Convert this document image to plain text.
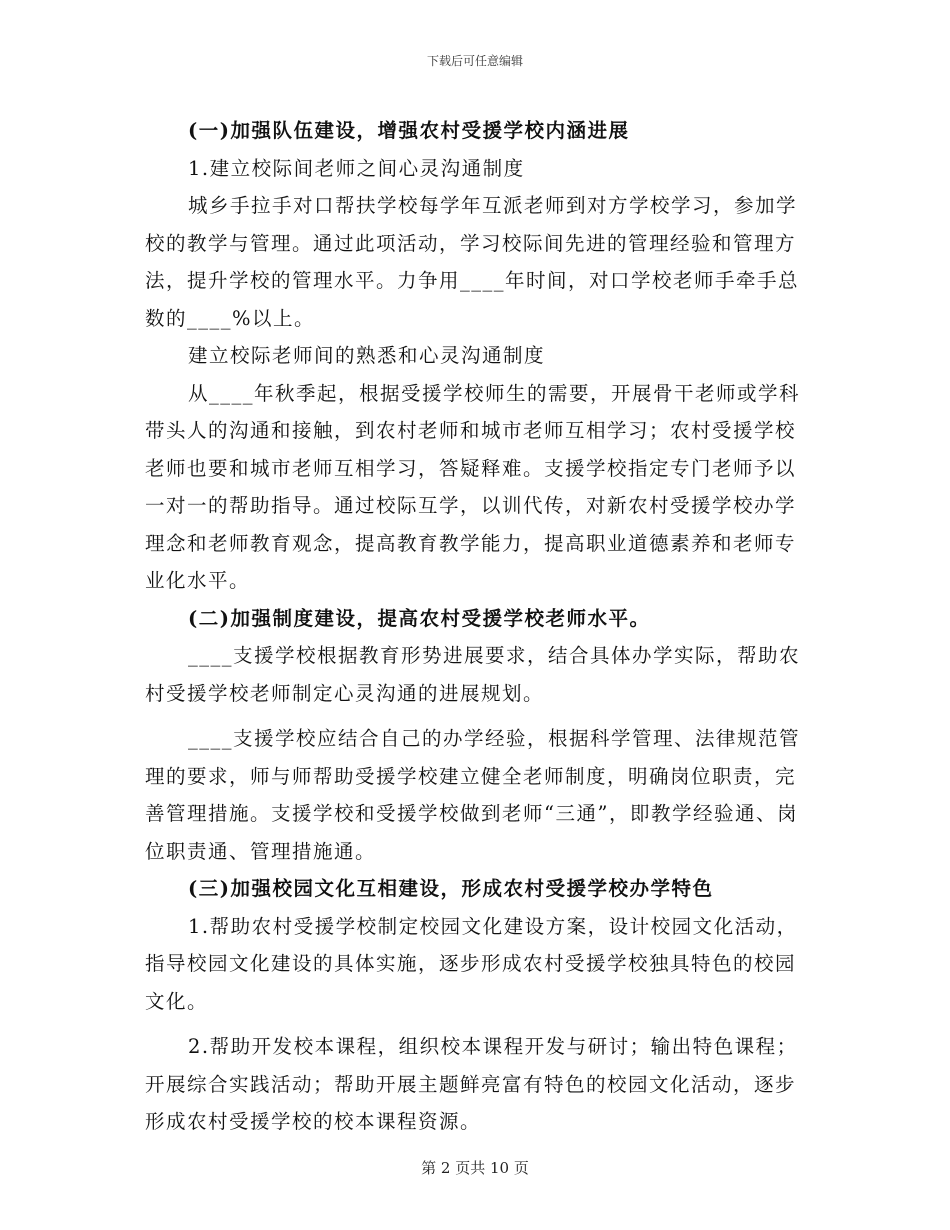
下载后可任意编辑

(一)加强队伍建设，增强农村受援学校内涵进展

1.建立校际间老师之间心灵沟通制度

城乡手拉手对口帮扶学校每学年互派老师到对方学校学习，参加学校的教学与管理。通过此项活动，学习校际间先进的管理经验和管理方法，提升学校的管理水平。力争用____年时间，对口学校老师手牵手总数的____%以上。

建立校际老师间的熟悉和心灵沟通制度

从____年秋季起，根据受援学校师生的需要，开展骨干老师或学科带头人的沟通和接触，到农村老师和城市老师互相学习；农村受援学校老师也要和城市老师互相学习，答疑释难。支援学校指定专门老师予以一对一的帮助指导。通过校际互学，以训代传，对新农村受援学校办学理念和老师教育观念，提高教育教学能力，提高职业道德素养和老师专业化水平。

(二)加强制度建设，提高农村受援学校老师水平。

____支援学校根据教育形势进展要求，结合具体办学实际，帮助农村受援学校老师制定心灵沟通的进展规划。

____支援学校应结合自己的办学经验，根据科学管理、法律规范管理的要求，师与师帮助受援学校建立健全老师制度，明确岗位职责，完善管理措施。支援学校和受援学校做到老师“三通”，即教学经验通、岗位职责通、管理措施通。

(三)加强校园文化互相建设，形成农村受援学校办学特色

1.帮助农村受援学校制定校园文化建设方案，设计校园文化活动，指导校园文化建设的具体实施，逐步形成农村受援学校独具特色的校园文化。

2.帮助开发校本课程，组织校本课程开发与研讨；输出特色课程；开展综合实践活动；帮助开展主题鲜亮富有特色的校园文化活动，逐步形成农村受援学校的校本课程资源。

第 2 页共 10 页
